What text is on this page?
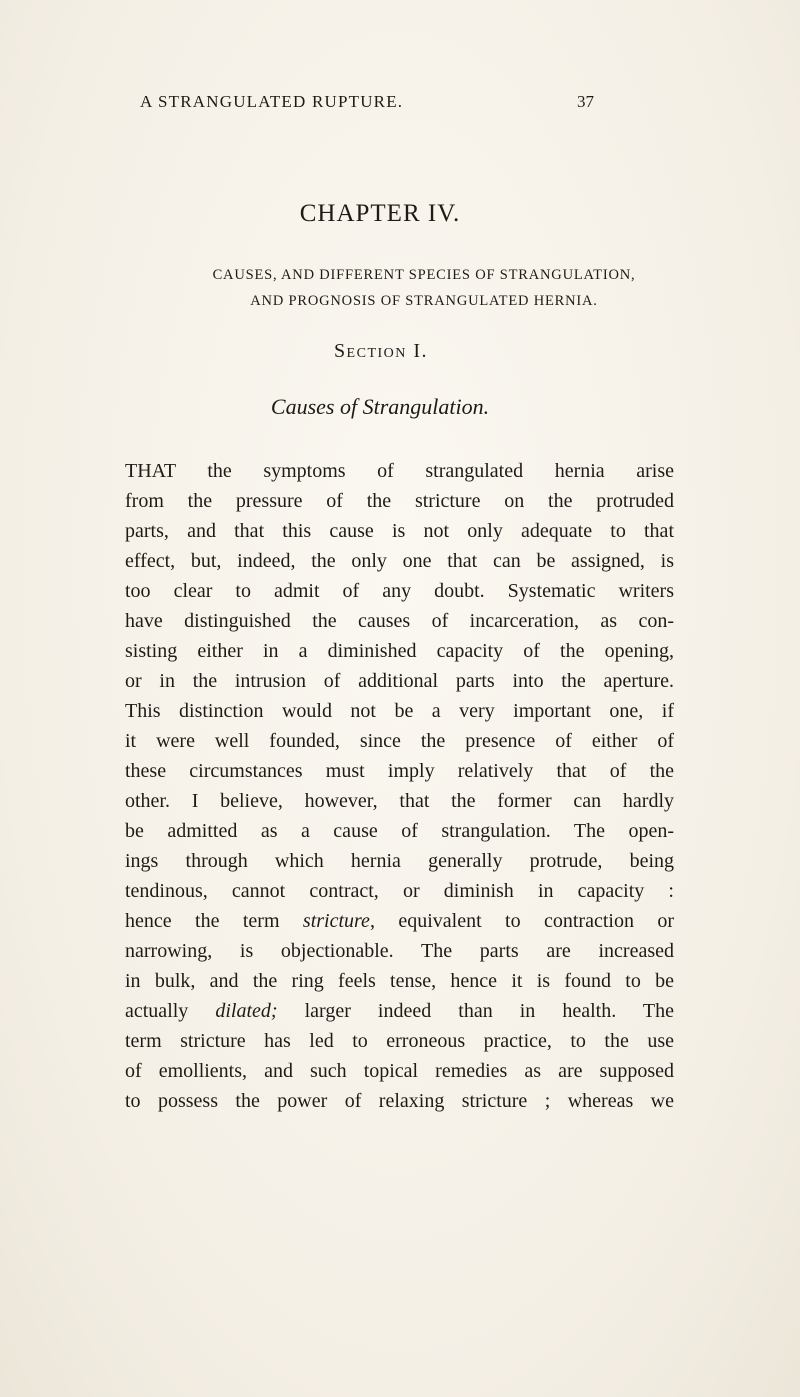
A STRANGULATED RUPTURE.	37
CHAPTER IV.
CAUSES, AND DIFFERENT SPECIES OF STRANGULATION,
AND PROGNOSIS OF STRANGULATED HERNIA.
Section I.
Causes of Strangulation.
THAT the symptoms of strangulated hernia arise
from the pressure of the stricture on the protruded
parts, and that this cause is not only adequate to that
effect, but, indeed, the only one that can be assigned, is
too clear to admit of any doubt. Systematic writers
have distinguished the causes of incarceration, as con-
sisting either in a diminished capacity of the opening,
or in the intrusion of additional parts into the aperture.
This distinction would not be a very important one, if
it were well founded, since the presence of either of
these circumstances must imply relatively that of the
other. I believe, however, that the former can hardly
be admitted as a cause of strangulation. The open-
ings through which hernia generally protrude, being
tendinous, cannot contract, or diminish in capacity :
hence the term stricture, equivalent to contraction or
narrowing, is objectionable. The parts are increased
in bulk, and the ring feels tense, hence it is found to be
actually dilated; larger indeed than in health. The
term stricture has led to erroneous practice, to the use
of emollients, and such topical remedies as are supposed
to possess the power of relaxing stricture ; whereas we
